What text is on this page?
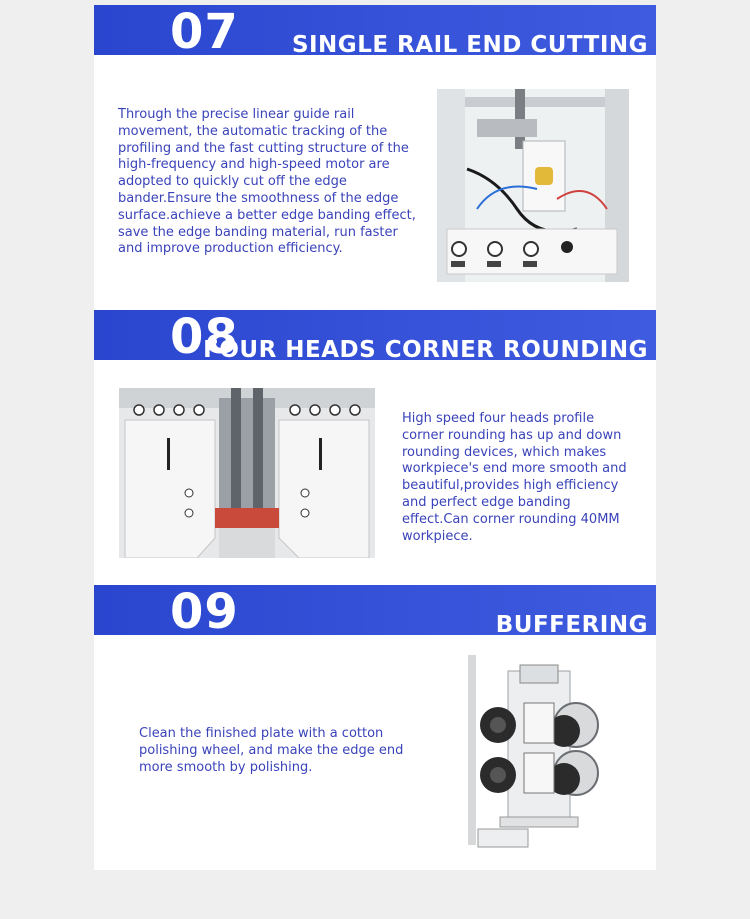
07 SINGLE RAIL END CUTTING

Through the precise linear guide rail movement, the automatic tracking of the profiling and the fast cutting structure of the high-frequency and high-speed motor are adopted to quickly cut off the edge bander.Ensure the smoothness of the edge surface.achieve a better edge banding effect, save the edge banding material, run faster and improve production efficiency.

08
FOUR HEADS CORNER ROUNDING

High speed four heads profile corner rounding has up and down rounding devices, which makes workpiece's end more smooth and beautiful,provides high efficiency and perfect edge banding effect.Can corner rounding 40MM workpiece.

09	BUFFERING

Clean the finished plate with a cotton polishing wheel, and make the edge end more smooth by polishing.
